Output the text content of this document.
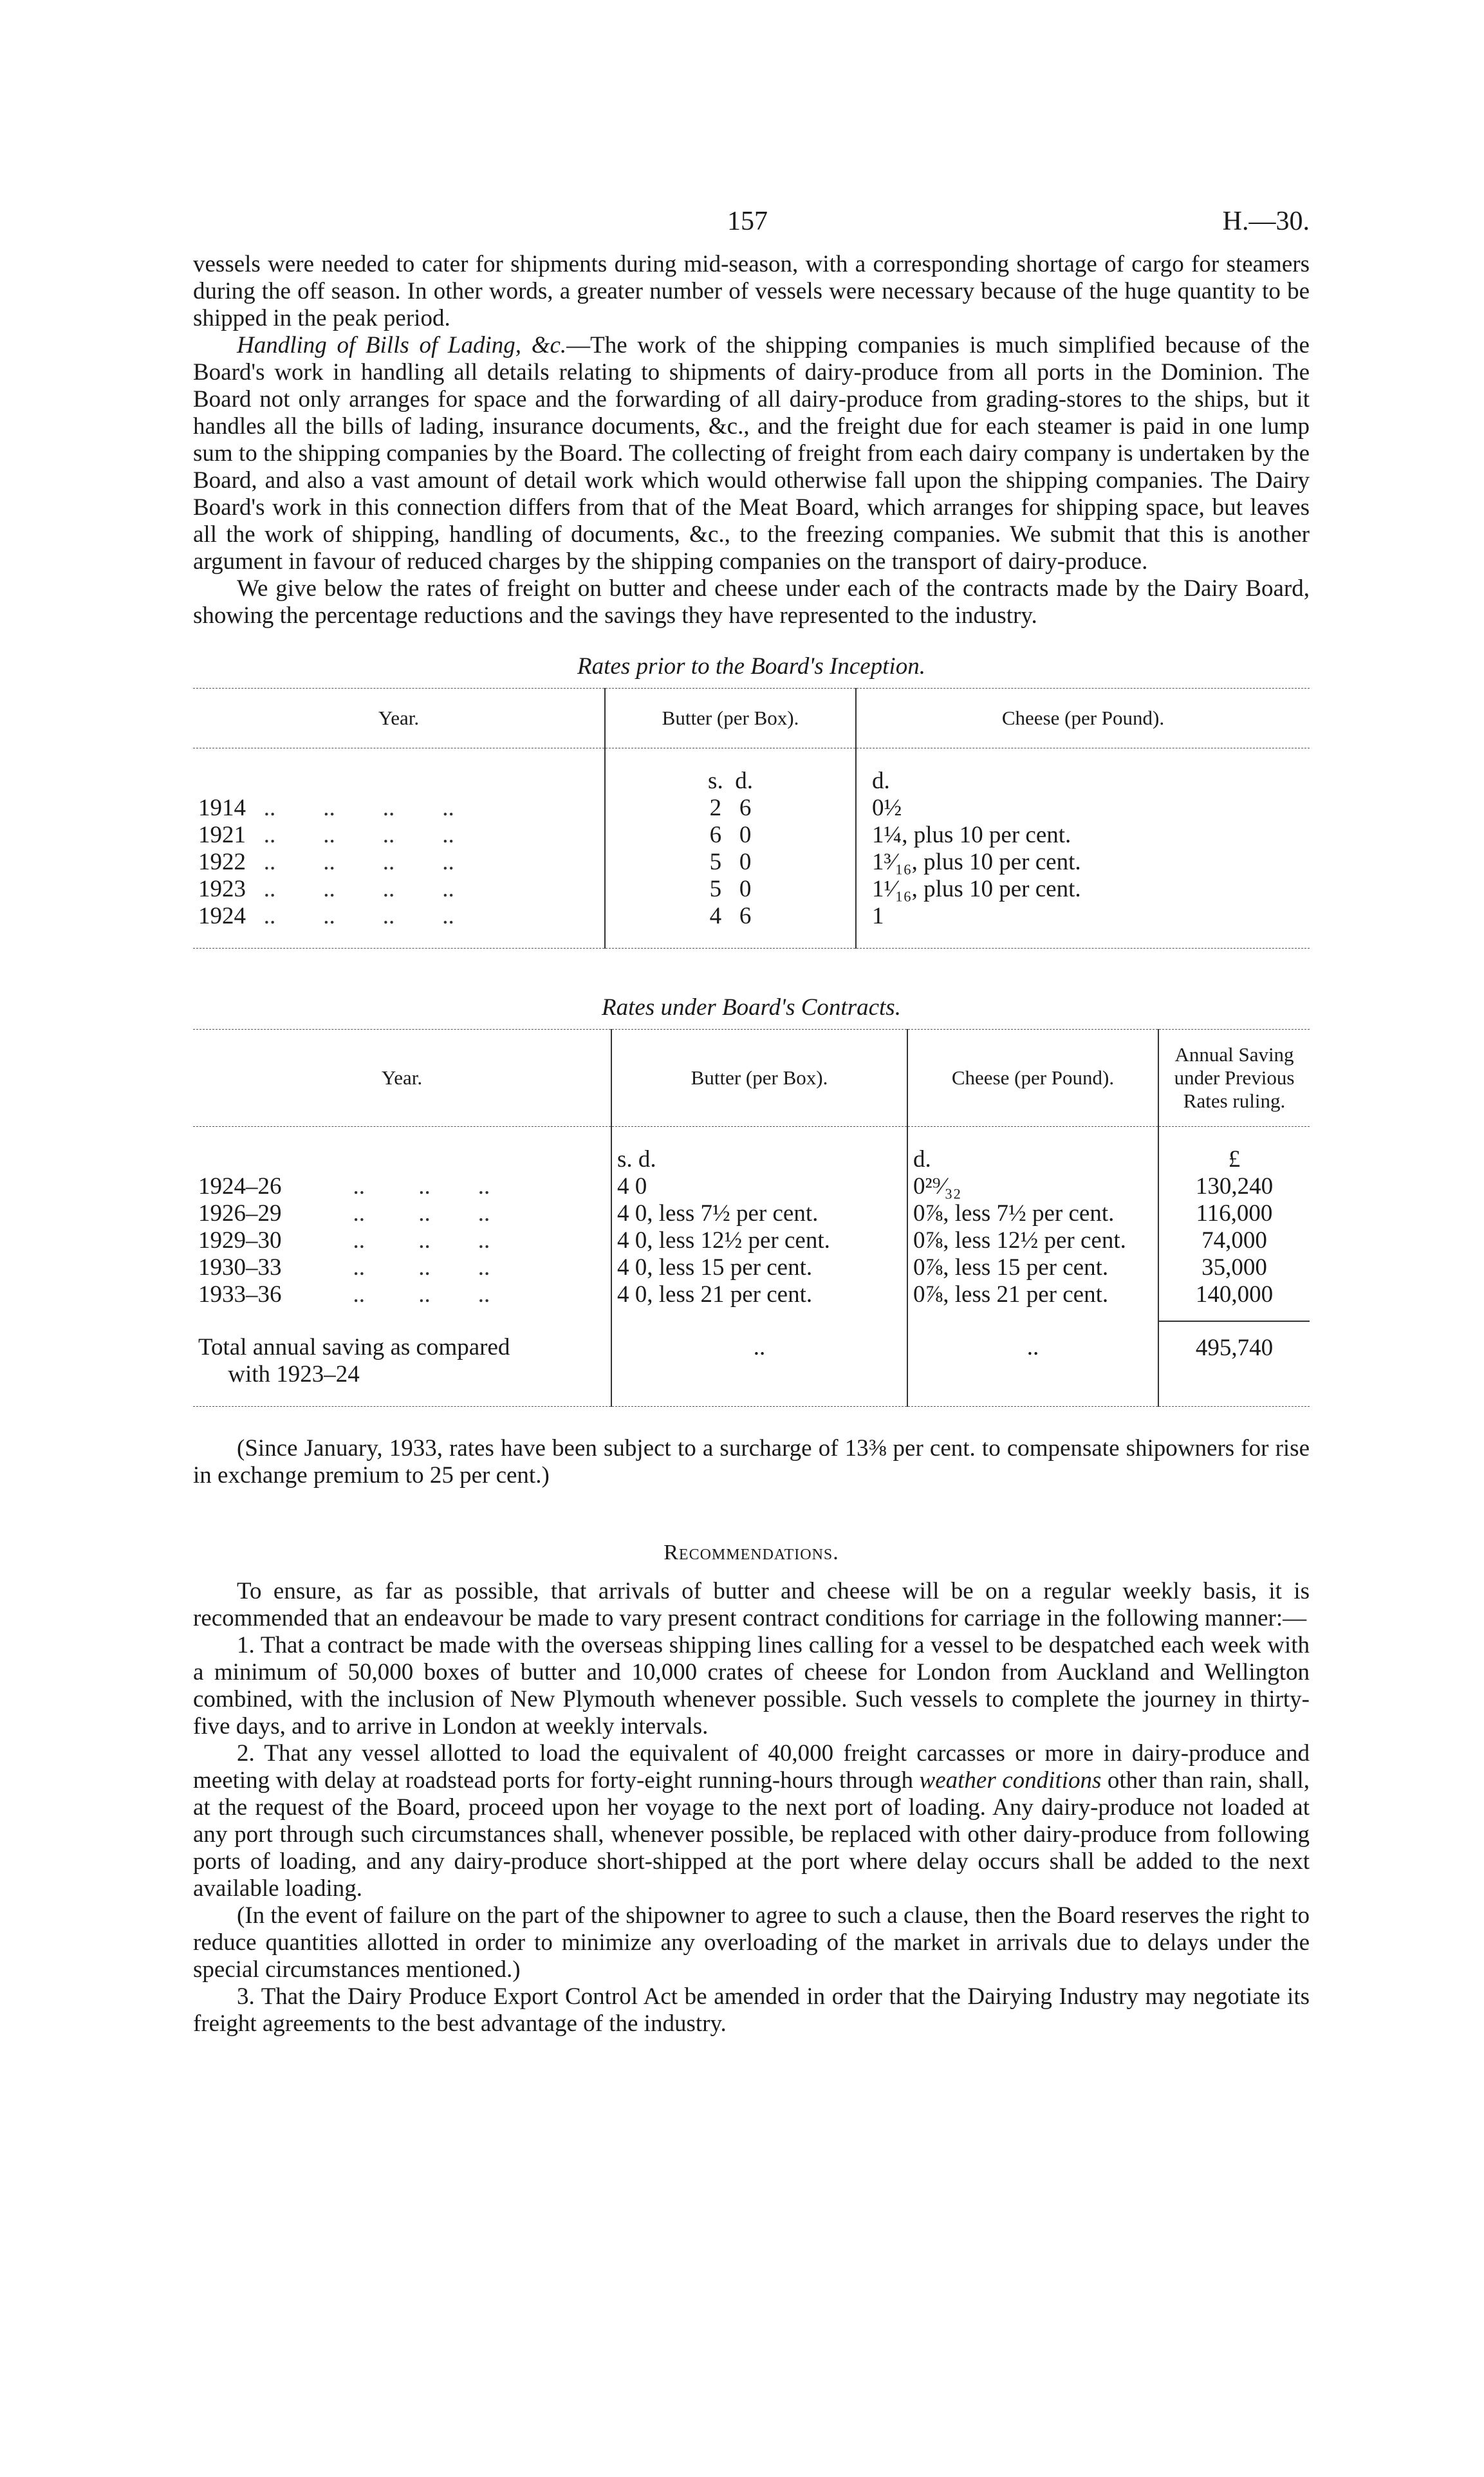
157	H.—30.

vessels were needed to cater for shipments during mid-season, with a corresponding shortage of cargo for steamers during the off season. In other words, a greater number of vessels were necessary because of the huge quantity to be shipped in the peak period.

Handling of Bills of Lading, &c.—The work of the shipping companies is much simplified because of the Board's work in handling all details relating to shipments of dairy-produce from all ports in the Dominion. The Board not only arranges for space and the forwarding of all dairy-produce from grading-stores to the ships, but it handles all the bills of lading, insurance documents, &c., and the freight due for each steamer is paid in one lump sum to the shipping companies by the Board. The collecting of freight from each dairy company is undertaken by the Board, and also a vast amount of detail work which would otherwise fall upon the shipping companies. The Dairy Board's work in this connection differs from that of the Meat Board, which arranges for shipping space, but leaves all the work of shipping, handling of documents, &c., to the freezing companies. We submit that this is another argument in favour of reduced charges by the shipping companies on the transport of dairy-produce.

We give below the rates of freight on butter and cheese under each of the contracts made by the Dairy Board, showing the percentage reductions and the savings they have represented to the industry.

Rates prior to the Board's Inception.
Year.	Butter (per Box).	Cheese (per Pound).
	s. d.	d.
1914   ..        ..        ..        ..	2 6	0½
1921   ..        ..        ..        ..	6 0	1¼, plus 10 per cent.
1922   ..        ..        ..        ..	5 0	1³⁄₁₆, plus 10 per cent.
1923   ..        ..        ..        ..	5 0	1¹⁄₁₆, plus 10 per cent.
1924   ..        ..        ..        ..	4 6	1
Rates under Board's Contracts.
Year.	Butter (per Box).	Cheese (per Pound).	Annual Saving
under Previous
Rates ruling.
	s. d.	d.	£
1924–26            ..         ..        ..	4 0	0²⁹⁄₃₂	130,240
1926–29            ..         ..        ..	4 0, less 7½ per cent.	0⅞, less 7½ per cent.	116,000
1929–30            ..         ..        ..	4 0, less 12½ per cent.	0⅞, less 12½ per cent.	74,000
1930–33            ..         ..        ..	4 0, less 15 per cent.	0⅞, less 15 per cent.	35,000
1933–36            ..         ..        ..	4 0, less 21 per cent.	0⅞, less 21 per cent.	140,000
Total annual saving as compared
with 1923–24	..	..	495,740

(Since January, 1933, rates have been subject to a surcharge of 13⅜ per cent. to compensate shipowners for rise in exchange premium to 25 per cent.)

Recommendations.

To ensure, as far as possible, that arrivals of butter and cheese will be on a regular weekly basis, it is recommended that an endeavour be made to vary present contract conditions for carriage in the following manner:—

1. That a contract be made with the overseas shipping lines calling for a vessel to be despatched each week with a minimum of 50,000 boxes of butter and 10,000 crates of cheese for London from Auckland and Wellington combined, with the inclusion of New Plymouth whenever possible. Such vessels to complete the journey in thirty-five days, and to arrive in London at weekly intervals.

2. That any vessel allotted to load the equivalent of 40,000 freight carcasses or more in dairy-produce and meeting with delay at roadstead ports for forty-eight running-hours through weather conditions other than rain, shall, at the request of the Board, proceed upon her voyage to the next port of loading. Any dairy-produce not loaded at any port through such circumstances shall, whenever possible, be replaced with other dairy-produce from following ports of loading, and any dairy-produce short-shipped at the port where delay occurs shall be added to the next available loading.

(In the event of failure on the part of the shipowner to agree to such a clause, then the Board reserves the right to reduce quantities allotted in order to minimize any overloading of the market in arrivals due to delays under the special circumstances mentioned.)

3. That the Dairy Produce Export Control Act be amended in order that the Dairying Industry may negotiate its freight agreements to the best advantage of the industry.
